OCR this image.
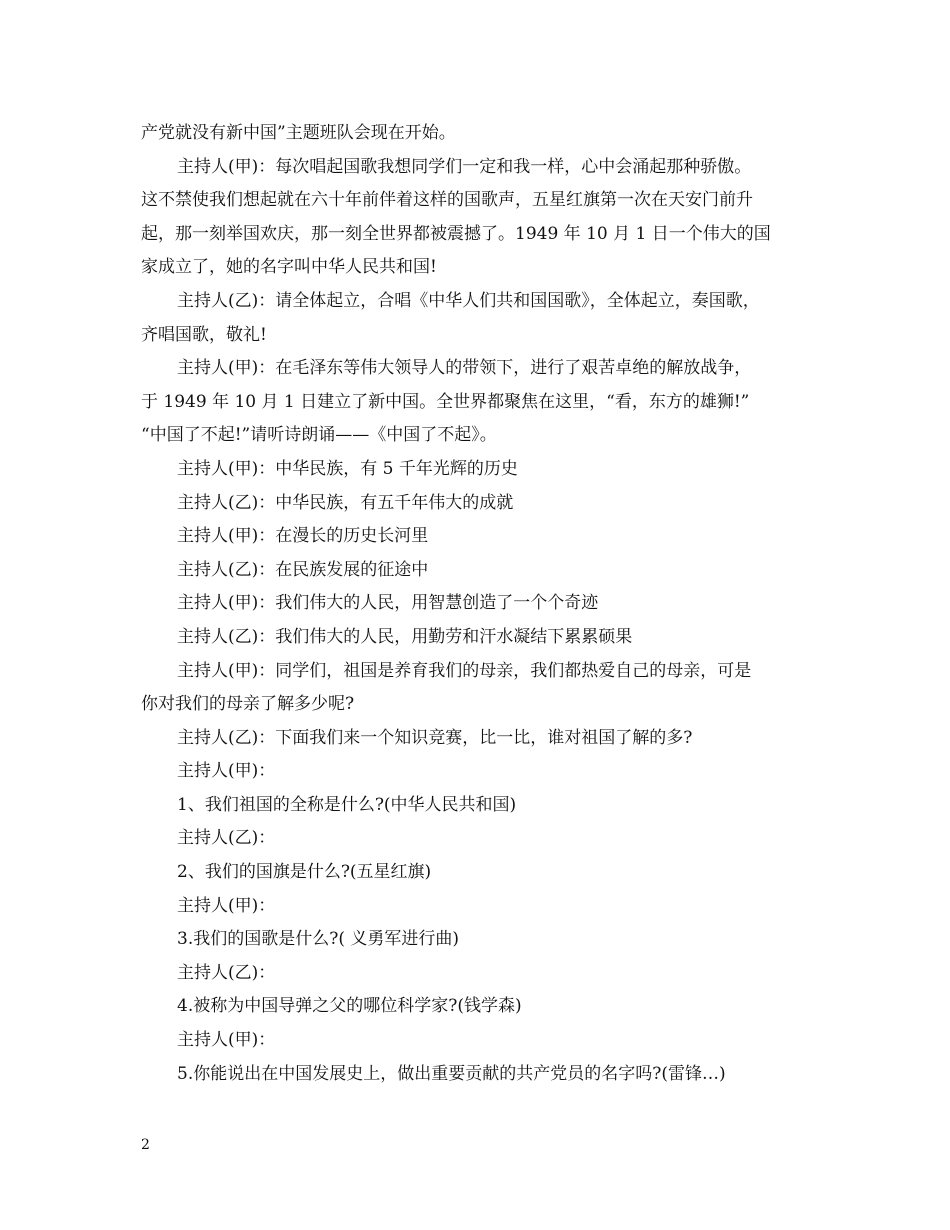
产党就没有新中国”主题班队会现在开始。
主持人(甲)：每次唱起国歌我想同学们一定和我一样，心中会涌起那种骄傲。
这不禁使我们想起就在六十年前伴着这样的国歌声，五星红旗第一次在天安门前升
起，那一刻举国欢庆，那一刻全世界都被震撼了。1949 年 10 月 1 日一个伟大的国
家成立了，她的名字叫中华人民共和国!
主持人(乙)：请全体起立，合唱《中华人们共和国国歌》，全体起立，奏国歌，
齐唱国歌，敬礼!
主持人(甲)：在毛泽东等伟大领导人的带领下，进行了艰苦卓绝的解放战争，
于 1949 年 10 月 1 日建立了新中国。全世界都聚焦在这里，“看，东方的雄狮!”
“中国了不起!”请听诗朗诵——《中国了不起》。
主持人(甲)：中华民族，有 5 千年光辉的历史
主持人(乙)：中华民族，有五千年伟大的成就
主持人(甲)：在漫长的历史长河里
主持人(乙)：在民族发展的征途中
主持人(甲)：我们伟大的人民，用智慧创造了一个个奇迹
主持人(乙)：我们伟大的人民，用勤劳和汗水凝结下累累硕果
主持人(甲)：同学们，祖国是养育我们的母亲，我们都热爱自己的母亲，可是
你对我们的母亲了解多少呢?
主持人(乙)：下面我们来一个知识竞赛，比一比，谁对祖国了解的多?
主持人(甲)：
1、我们祖国的全称是什么?(中华人民共和国)
主持人(乙)：
2、我们的国旗是什么?(五星红旗)
主持人(甲)：
3.我们的国歌是什么?( 义勇军进行曲)
主持人(乙)：
4.被称为中国导弹之父的哪位科学家?(钱学森)
主持人(甲)：
5.你能说出在中国发展史上，做出重要贡献的共产党员的名字吗?(雷锋…)
2
